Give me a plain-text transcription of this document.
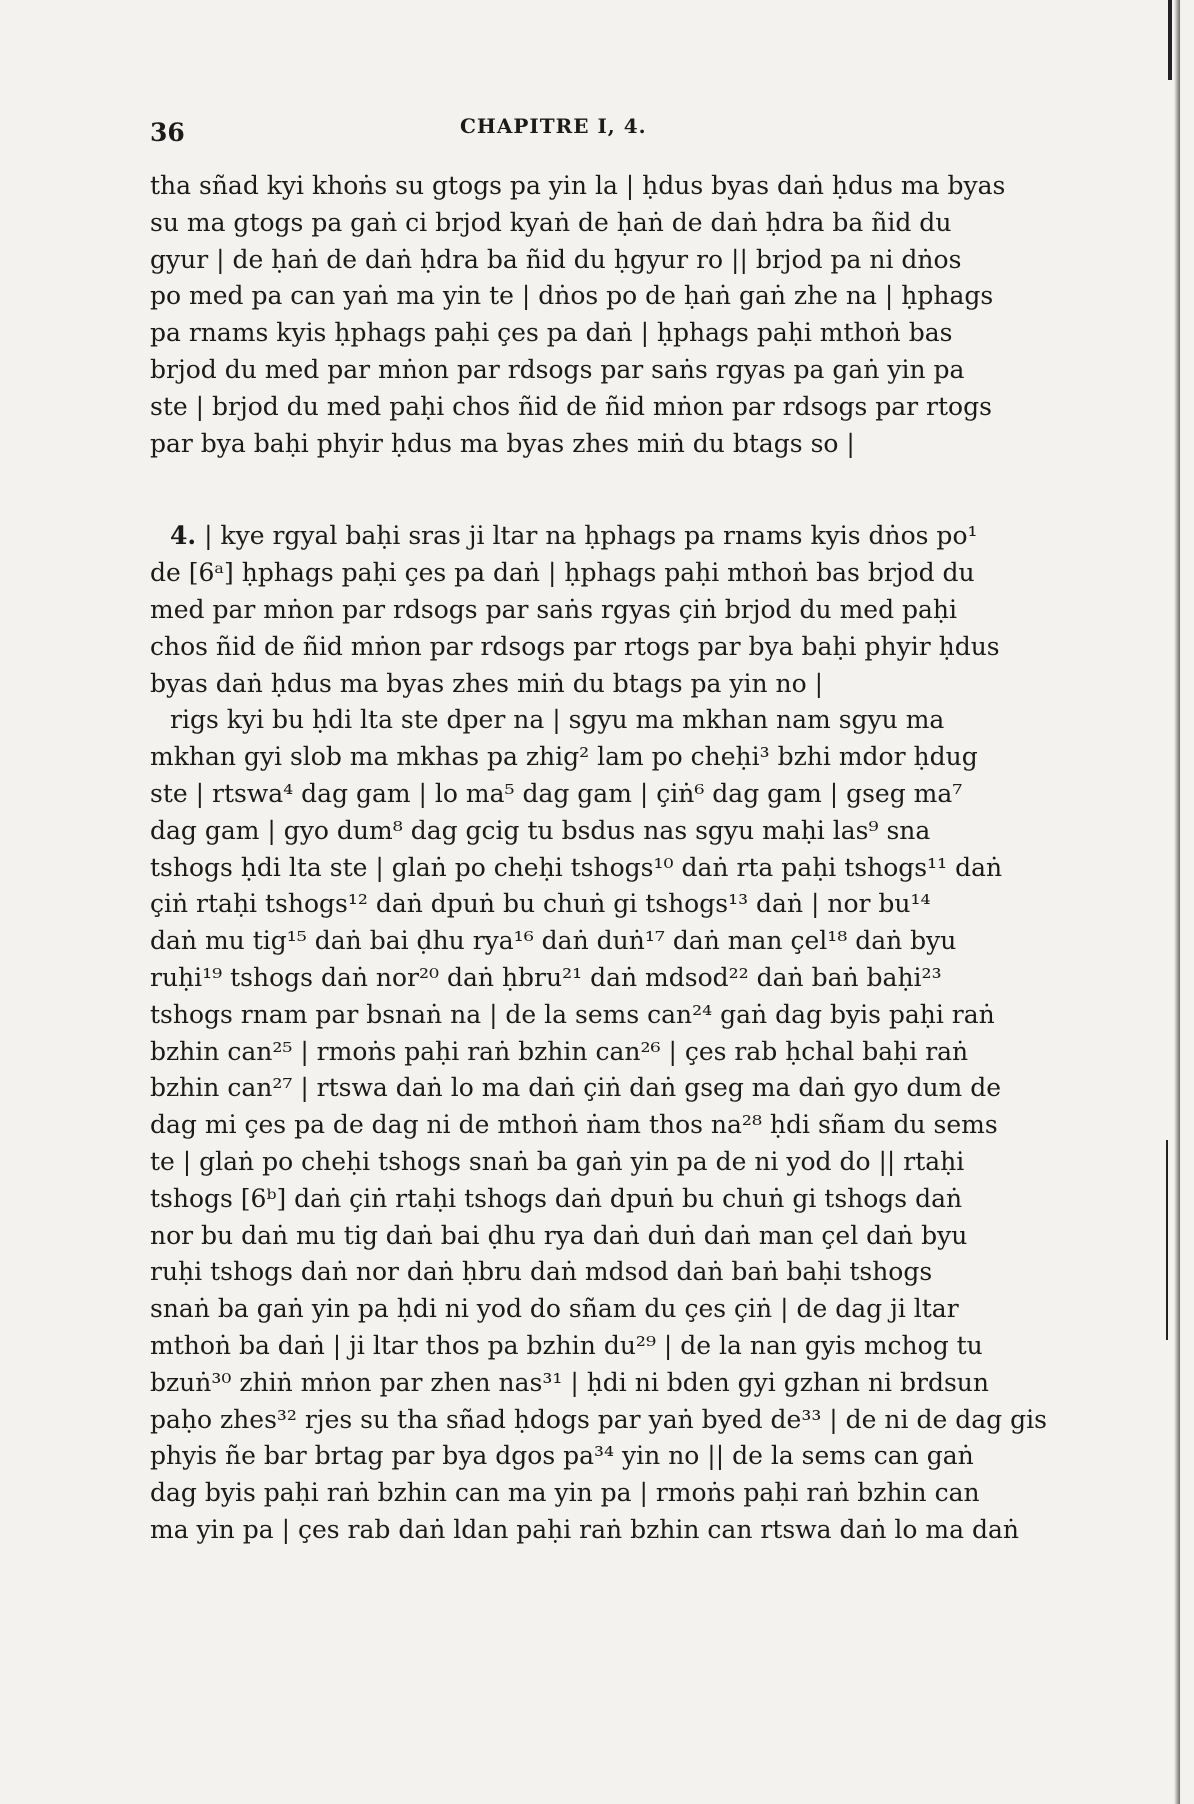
36	CHAPITRE I, 4.
tha sñad kyi khoṅs su gtogs pa yin la | ḥdus byas daṅ ḥdus ma byas
su ma gtogs pa gaṅ ci brjod kyaṅ de ḥaṅ de daṅ ḥdra ba ñid du
gyur | de ḥaṅ de daṅ ḥdra ba ñid du ḥgyur ro || brjod pa ni dṅos
po med pa can yaṅ ma yin te | dṅos po de ḥaṅ gaṅ zhe na | ḥphags
pa rnams kyis ḥphags paḥi çes pa daṅ | ḥphags paḥi mthoṅ bas
brjod du med par mṅon par rdsogs par saṅs rgyas pa gaṅ yin pa
ste | brjod du med paḥi chos ñid de ñid mṅon par rdsogs par rtogs
par bya baḥi phyir ḥdus ma byas zhes miṅ du btags so |
4. | kye rgyal baḥi sras ji ltar na ḥphags pa rnams kyis dṅos po¹
de [6ᵃ] ḥphags paḥi çes pa daṅ | ḥphags paḥi mthoṅ bas brjod du
med par mṅon par rdsogs par saṅs rgyas çiṅ brjod du med paḥi
chos ñid de ñid mṅon par rdsogs par rtogs par bya baḥi phyir ḥdus
byas daṅ ḥdus ma byas zhes miṅ du btags pa yin no |
rigs kyi bu ḥdi lta ste dper na | sgyu ma mkhan nam sgyu ma
mkhan gyi slob ma mkhas pa zhig² lam po cheḥi³ bzhi mdor ḥdug
ste | rtswa⁴ dag gam | lo ma⁵ dag gam | çiṅ⁶ dag gam | gseg ma⁷
dag gam | gyo dum⁸ dag gcig tu bsdus nas sgyu maḥi las⁹ sna
tshogs ḥdi lta ste | glaṅ po cheḥi tshogs¹⁰ daṅ rta paḥi tshogs¹¹ daṅ
çiṅ rtaḥi tshogs¹² daṅ dpuṅ bu chuṅ gi tshogs¹³ daṅ | nor bu¹⁴
daṅ mu tig¹⁵ daṅ bai ḍhu rya¹⁶ daṅ duṅ¹⁷ daṅ man çel¹⁸ daṅ byu
ruḥi¹⁹ tshogs daṅ nor²⁰ daṅ ḥbru²¹ daṅ mdsod²² daṅ baṅ baḥi²³
tshogs rnam par bsnaṅ na | de la sems can²⁴ gaṅ dag byis paḥi raṅ
bzhin can²⁵ | rmoṅs paḥi raṅ bzhin can²⁶ | çes rab ḥchal baḥi raṅ
bzhin can²⁷ | rtswa daṅ lo ma daṅ çiṅ daṅ gseg ma daṅ gyo dum de
dag mi çes pa de dag ni de mthoṅ ṅam thos na²⁸ ḥdi sñam du sems
te | glaṅ po cheḥi tshogs snaṅ ba gaṅ yin pa de ni yod do || rtaḥi
tshogs [6ᵇ] daṅ çiṅ rtaḥi tshogs daṅ dpuṅ bu chuṅ gi tshogs daṅ
nor bu daṅ mu tig daṅ bai ḍhu rya daṅ duṅ daṅ man çel daṅ byu
ruḥi tshogs daṅ nor daṅ ḥbru daṅ mdsod daṅ baṅ baḥi tshogs
snaṅ ba gaṅ yin pa ḥdi ni yod do sñam du çes çiṅ | de dag ji ltar
mthoṅ ba daṅ | ji ltar thos pa bzhin du²⁹ | de la nan gyis mchog tu
bzuṅ³⁰ zhiṅ mṅon par zhen nas³¹ | ḥdi ni bden gyi gzhan ni brdsun
paḥo zhes³² rjes su tha sñad ḥdogs par yaṅ byed de³³ | de ni de dag gis
phyis ñe bar brtag par bya dgos pa³⁴ yin no || de la sems can gaṅ
dag byis paḥi raṅ bzhin can ma yin pa | rmoṅs paḥi raṅ bzhin can
ma yin pa | çes rab daṅ ldan paḥi raṅ bzhin can rtswa daṅ lo ma daṅ
